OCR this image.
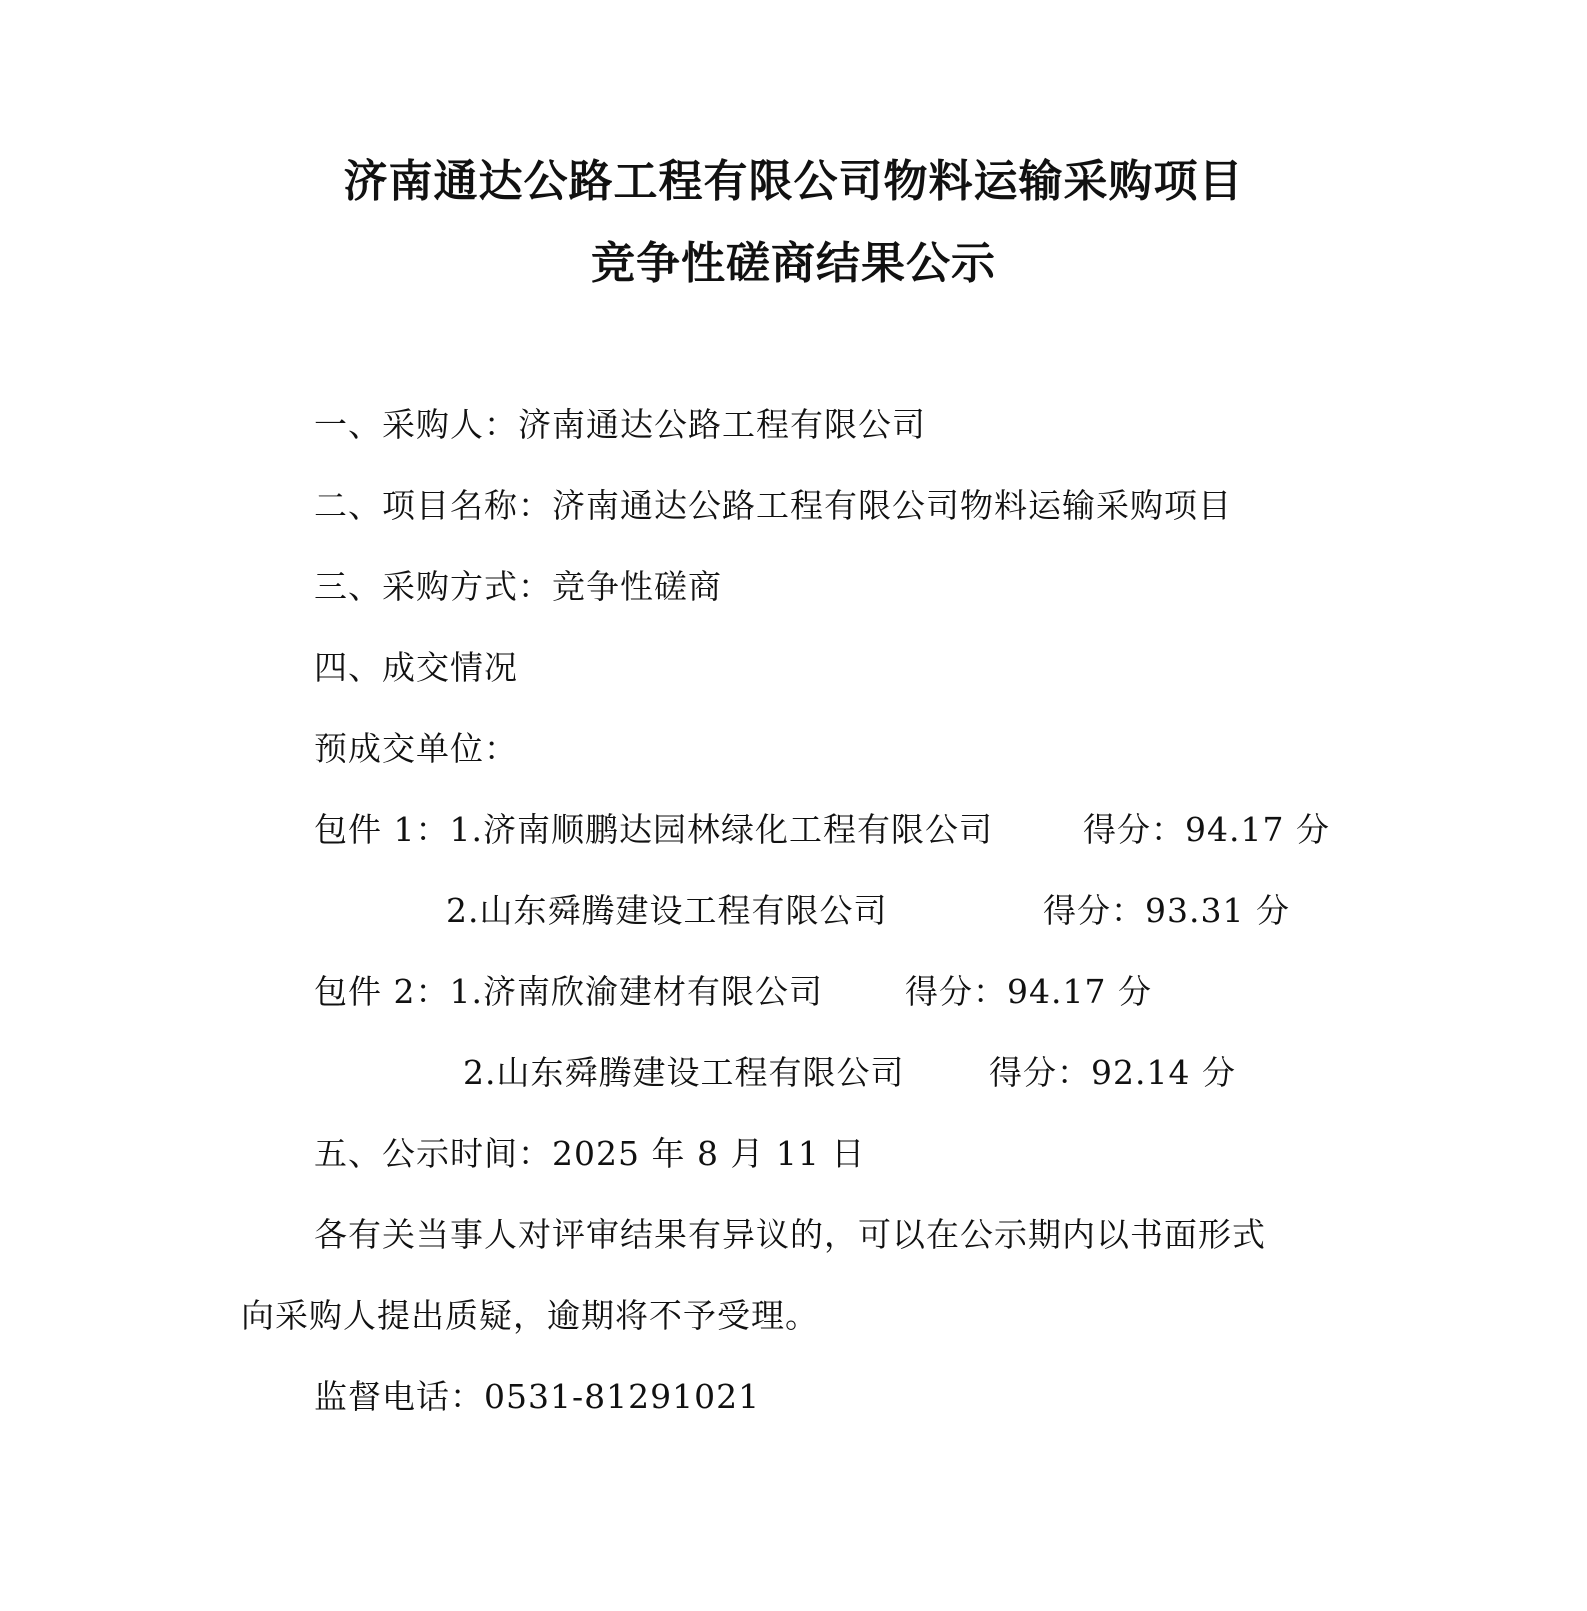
济南通达公路工程有限公司物料运输采购项目
竞争性磋商结果公示
一、采购人：济南通达公路工程有限公司
二、项目名称：济南通达公路工程有限公司物料运输采购项目
三、采购方式：竞争性磋商
四、成交情况
预成交单位：
包件 1：1.济南顺鹏达园林绿化工程有限公司	得分：94.17 分
2.山东舜腾建设工程有限公司	得分：93.31 分
包件 2：1.济南欣渝建材有限公司 得分：94.17 分
2.山东舜腾建设工程有限公司	得分：92.14 分
五、公示时间：2025 年 8 月 11 日
各有关当事人对评审结果有异议的，可以在公示期内以书面形式
向采购人提出质疑，逾期将不予受理。
监督电话：0531-81291021
